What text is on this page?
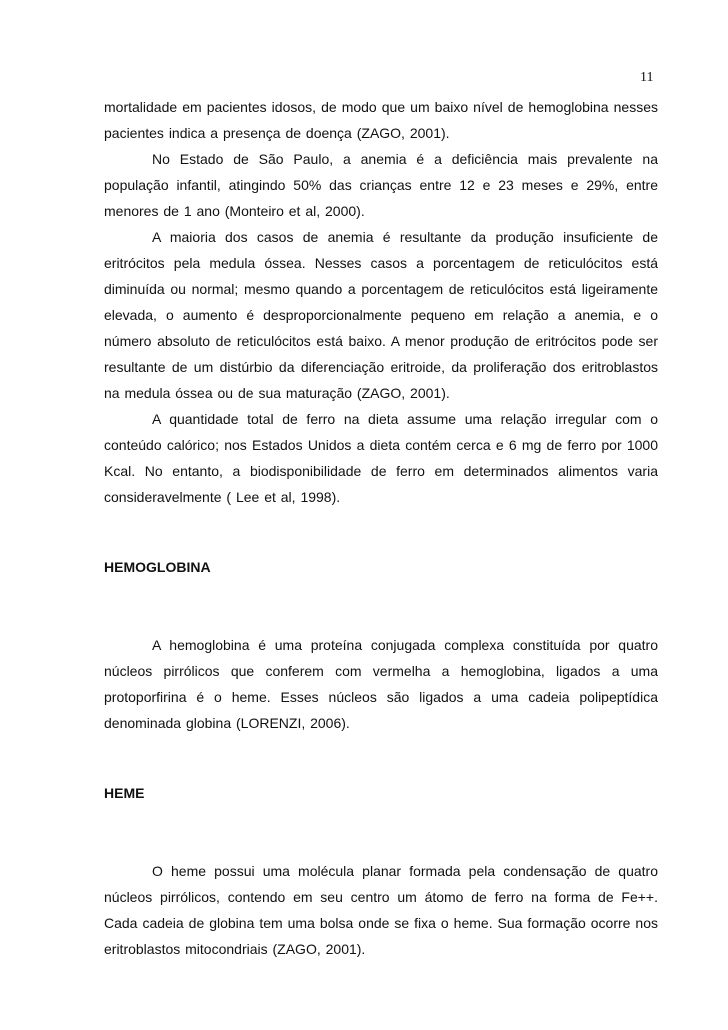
11

mortalidade em pacientes idosos, de modo que um baixo nível de hemoglobina nesses pacientes indica a presença de doença (ZAGO, 2001).

No Estado de São Paulo, a anemia é a deficiência mais prevalente na população infantil, atingindo 50% das crianças entre 12 e 23 meses e 29%, entre menores de 1 ano (Monteiro et al, 2000).

A maioria dos casos de anemia é resultante da produção insuficiente de eritrócitos pela medula óssea. Nesses casos a porcentagem de reticulócitos está diminuída ou normal; mesmo quando a porcentagem de reticulócitos está ligeiramente elevada, o aumento é desproporcionalmente pequeno em relação a anemia, e o número absoluto de reticulócitos está baixo. A menor produção de eritrócitos pode ser resultante de um distúrbio da diferenciação eritroide, da proliferação dos eritroblastos na medula óssea ou de sua maturação (ZAGO, 2001).

A quantidade total de ferro na dieta assume uma relação irregular com o conteúdo calórico; nos Estados Unidos a dieta contém cerca e 6 mg de ferro por 1000 Kcal. No entanto, a biodisponibilidade de ferro em determinados alimentos varia consideravelmente ( Lee et al, 1998).

HEMOGLOBINA

A hemoglobina é uma proteína conjugada complexa constituída por quatro núcleos pirrólicos que conferem com vermelha a hemoglobina, ligados a uma protoporfirina é o heme. Esses núcleos são ligados a uma cadeia polipeptídica denominada globina (LORENZI, 2006).

HEME

O heme possui uma molécula planar formada pela condensação de quatro núcleos pirrólicos, contendo em seu centro um átomo de ferro na forma de Fe++. Cada cadeia de globina tem uma bolsa onde se fixa o heme. Sua formação ocorre nos eritroblastos mitocondriais (ZAGO, 2001).
